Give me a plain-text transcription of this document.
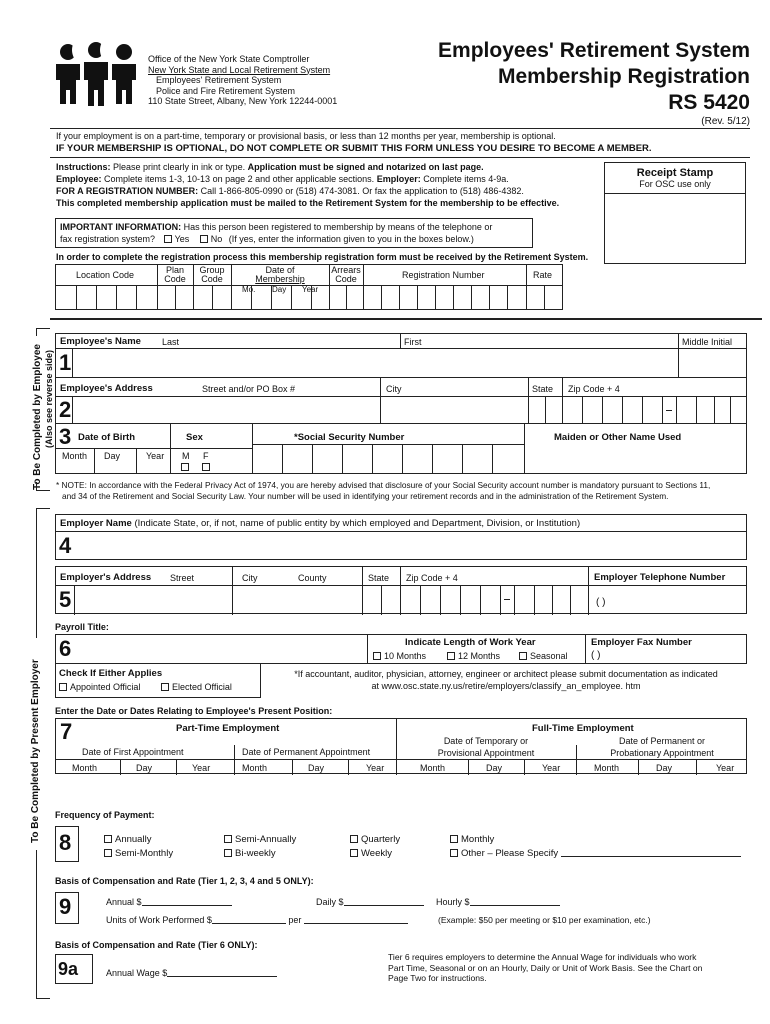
Office of the New York State Comptroller
New York State and Local Retirement System
Employees' Retirement System
Police and Fire Retirement System
110 State Street, Albany, New York 12244-0001
Employees' Retirement System
Membership Registration
RS 5420
(Rev. 5/12)
If your employment is on a part-time, temporary or provisional basis, or less than 12 months per year, membership is optional.
IF YOUR MEMBERSHIP IS OPTIONAL, DO NOT COMPLETE OR SUBMIT THIS FORM UNLESS YOU DESIRE TO BECOME A MEMBER.
Instructions: Please print clearly in ink or type. Application must be signed and notarized on last page.
Employee: Complete items 1-3, 10-13 on page 2 and other applicable sections. Employer: Complete items 4-9a.
FOR A REGISTRATION NUMBER: Call 1-866-805-0990 or (518) 474-3081. Or fax the application to (518) 486-4382.
This completed membership application must be mailed to the Retirement System for the membership to be effective.
Receipt Stamp
For OSC use only
IMPORTANT INFORMATION: Has this person been registered to membership by means of the telephone or
fax registration system? Yes No (If yes, enter the information given to you in the boxes below.)
In order to complete the registration process this membership registration form must be received by the Retirement System.
Location Code	Plan
Code
Group
Code
Date of
Membership
Mo. Day Year
Arrears
Code	Registration Number	Rate
To Be Completed by Employee (Also see reverse side)
To Be Completed by Present Employer
Employee's Name Last	First	Middle Initial
1
Employee's Address	Street and/or PO Box #	City	State Zip Code + 4
2
3 Date of Birth	Sex	*Social Security Number	Maiden or Other Name Used
Month Day	Year M F
* NOTE: In accordance with the Federal Privacy Act of 1974, you are hereby advised that disclosure of your Social Security account number is mandatory pursuant to Sections 11,
and 34 of the Retirement and Social Security Law. Your number will be used in identifying your retirement records and in the administration of the Retirement System.
Employer Name (Indicate State, or, if not, name of public entity by which employed and Department, Division, or Institution)
4
Employer's Address Street	City	County	State Zip Code + 4	Employer Telephone Number
5	( )
Payroll Title:
6	Indicate Length of Work Year
10 Months	12 Months	Seasonal
Employer Fax Number
( )
Check If Either Applies
Appointed Official	Elected Official
*If accountant, auditor, physician, attorney, engineer or architect please submit documentation as indicated
at www.osc.state.ny.us/retire/employers/classify_an_employee. htm
Enter the Date or Dates Relating to Employee's Present Position:
7	Part-Time Employment	Full-Time Employment
Date of First Appointment	Date of Permanent Appointment
Date of Temporary or
Provisional Appointment
Date of Permanent or
Probationary Appointment
Month	Day	Year	Month	Day	Year	Month	Day	Year	Month	Day	Year
Frequency of Payment:
8	Annually
Semi-Monthly
Semi-Annually
Bi-weekly
Quarterly
Weekly
Monthly
Other – Please Specify
Basis of Compensation and Rate (Tier 1, 2, 3, 4 and 5 ONLY):
9	Annual $	Daily $	Hourly $
Units of Work Performed $	per	(Example: $50 per meeting or $10 per examination, etc.)
Basis of Compensation and Rate (Tier 6 ONLY):
9a	Annual Wage $
Tier 6 requires employers to determine the Annual Wage for individuals who work
Part Time, Seasonal or on an Hourly, Daily or Unit of Work Basis. See the Chart on
Page Two for instructions.
